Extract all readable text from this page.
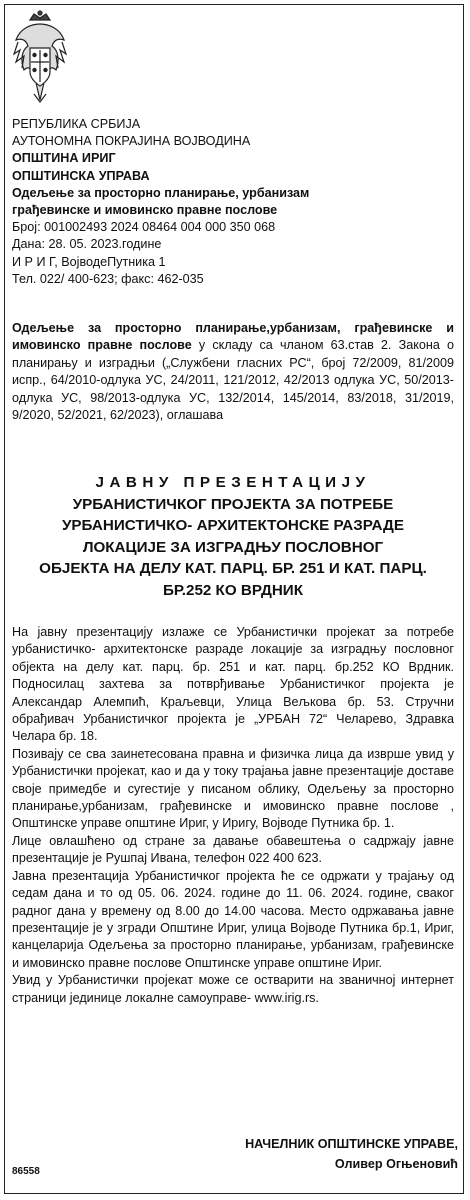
РЕПУБЛИКА СРБИЈА
АУТОНОМНА ПОКРАЈИНА ВОЈВОДИНА
ОПШТИНА ИРИГ
ОПШТИНСКА УПРАВА
Одељење за просторно планирање, урбанизам
грађевинске и имовинско правне послове
Број: 001002493 2024 08464 004 000 350 068
Дана: 28. 05. 2023.године
И Р И Г, ВојводеПутника 1
Тел. 022/ 400-623; факс: 462-035
Одељење за просторно планирање,урбанизам, грађевинске и имовинско правне послове у складу са чланом 63.став 2. Закона о планирању и изградњи („Службени гласних РС“, број 72/2009, 81/2009 испр., 64/2010-одлука УС, 24/2011, 121/2012, 42/2013 одлука УС, 50/2013-одлука УС, 98/2013-одлука УС, 132/2014, 145/2014, 83/2018, 31/2019, 9/2020, 52/2021, 62/2023), оглашава
ЈАВНУ ПРЕЗЕНТАЦИЈУ
УРБАНИСТИЧКОГ ПРОЈЕКТА ЗА ПОТРЕБЕ
УРБАНИСТИЧКО- АРХИТЕКТОНСКЕ РАЗРАДЕ
ЛОКАЦИЈЕ ЗА ИЗГРАДЊУ ПОСЛОВНОГ
ОБЈЕКТА НА ДЕЛУ КАТ. ПАРЦ. БР. 251 И КАТ. ПАРЦ.
БР.252 КО ВРДНИК

На јавну презентацију излаже се Урбанистички пројекат за потребе урбанистичко- архитектонске разраде локације за изградњу пословног објекта на делу кат. парц. бр. 251 и кат. парц. бр.252 КО Врдник. Подносилац захтева за потврђивање Урбанистичког пројекта је Александар Алемпић, Краљевци, Улица Вељкова бр. 53. Стручни обрађивач Урбанистичког пројекта је „УРБАН 72“ Челарево, Здравка Челара бр. 18.

Позивају се сва заинетесована правна и физичка лица да изврше увид у Урбанистички пројекат, као и да у току трајања јавне презентације доставе своје примедбе и сугестије у писаном облику, Одељењу за просторно планирање,урбанизам, грађевинске и имовинско правне послове , Општинске управе општине Ириг, у Иригу, Војводе Путника бр. 1.

Лице овлашћено од стране за давање обавештења о садржају јавне презентације је Рушпај Ивана, телефон 022 400 623.

Јавна презентација Урбанистичког пројекта ће се одржати у трајању од седам дана и то од 05. 06. 2024. године до 11. 06. 2024. године, сваког радног дана у времену од 8.00 до 14.00 часова. Место одржавања јавне презентације је у згради Општине Ириг, улица Војводе Путника бр.1, Ириг, канцеларија Одељења за просторно планирање, урбанизам, грађевинске и имовинско правне послове Општинске управе општине Ириг.

Увид у Урбанистички пројекат може се остварити на званичној интернет страници јединице локалне самоуправе- www.irig.rs.

НАЧЕЛНИК ОПШТИНСКЕ УПРАВЕ,
Оливер Огњеновић
86558
